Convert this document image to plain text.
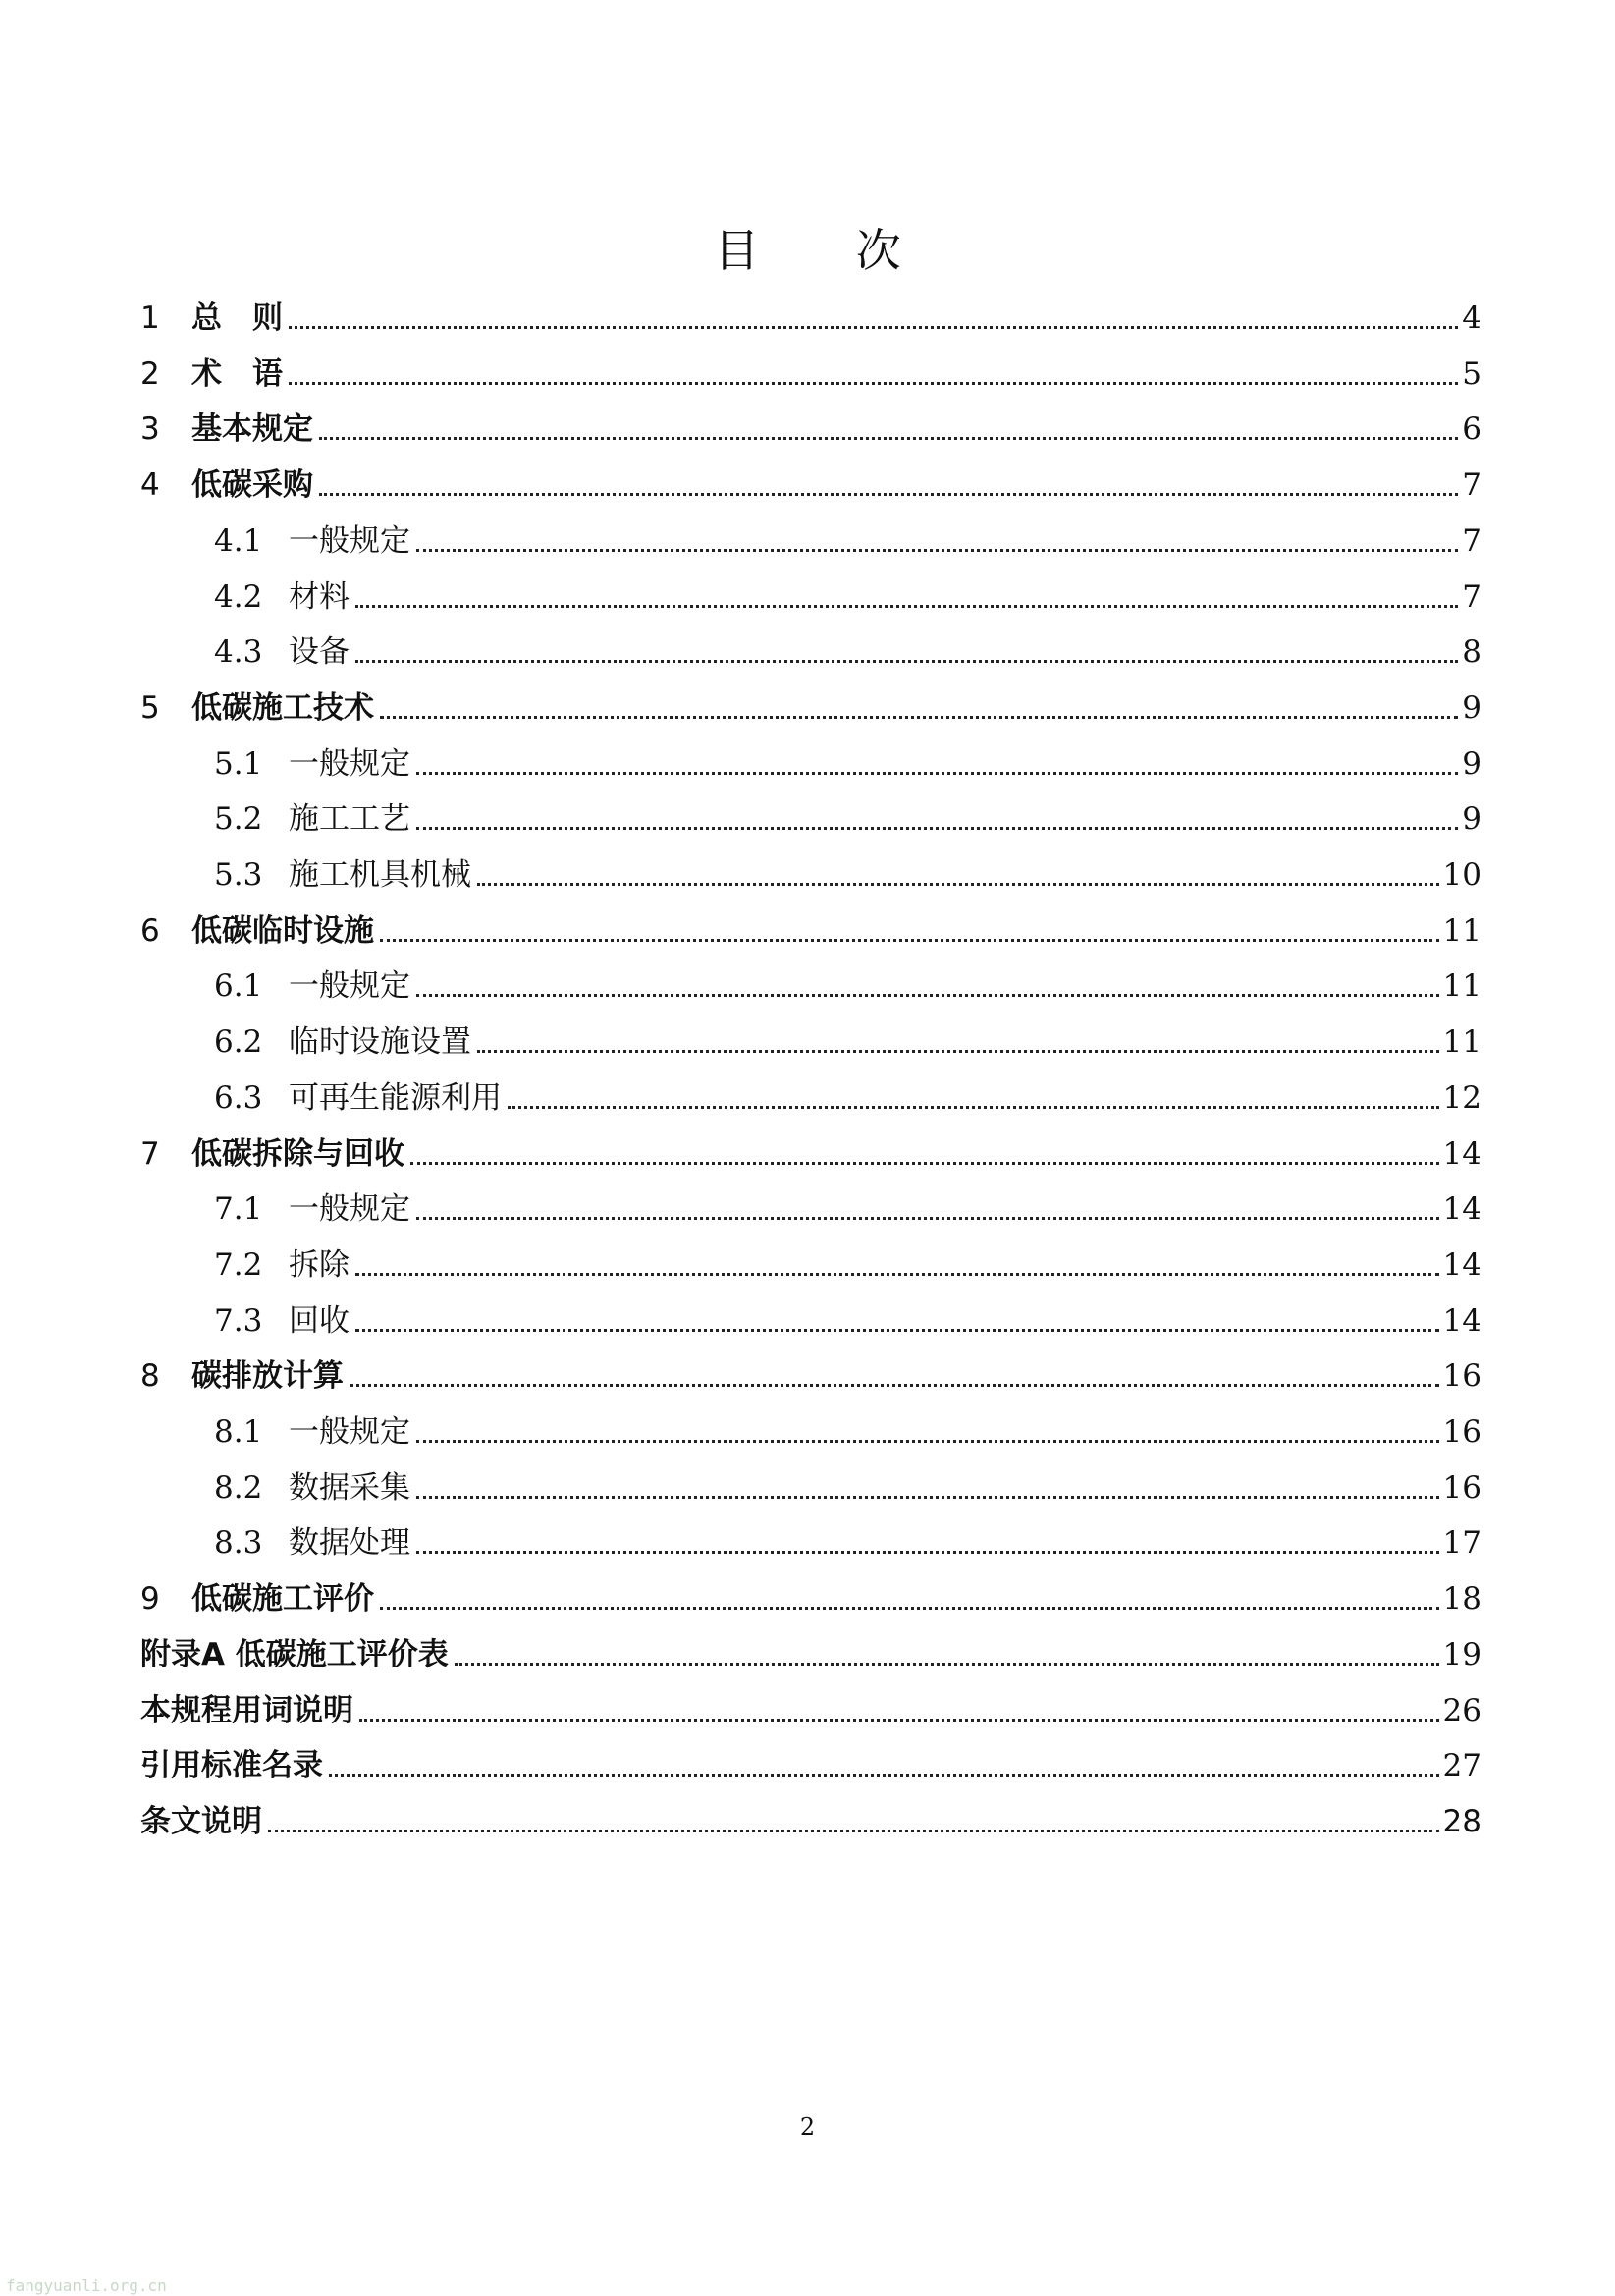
目 次
1	总　则	4
2	术　语	5
3	基本规定	6
4	低碳采购	7
4.1 一般规定	7
4.2 材料	7
4.3 设备	8
5	低碳施工技术	9
5.1 一般规定	9
5.2 施工工艺	9
5.3 施工机具机械	10
6	低碳临时设施	11
6.1 一般规定	11
6.2 临时设施设置	11
6.3 可再生能源利用	12
7	低碳拆除与回收	14
7.1 一般规定	14
7.2 拆除	14
7.3 回收	14
8	碳排放计算	16
8.1 一般规定	16
8.2 数据采集	16
8.3 数据处理	17
9	低碳施工评价	18
附录A 低碳施工评价表	19
本规程用词说明	26
引用标准名录	27
条文说明	28
2
fangyuanli.org.cn
